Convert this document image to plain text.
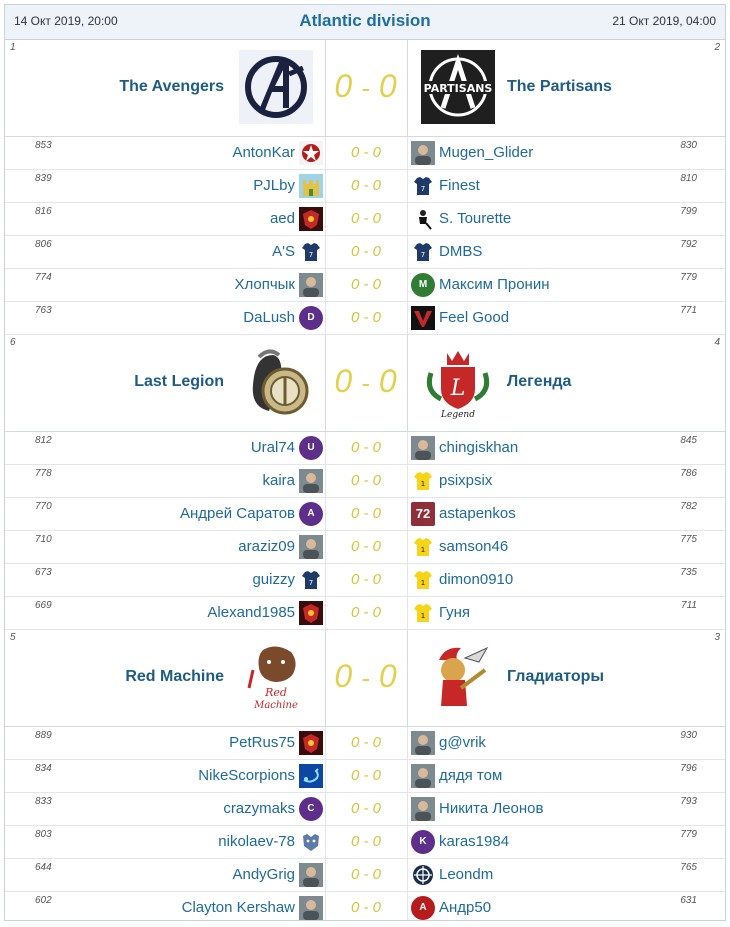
14 Окт 2019, 20:00	Atlantic division	21 Окт 2019, 04:00
1	2
The Avengers	The Partisans
PARTISANS
0 - 0
853	AntonKar	0 - 0	Mugen_Glider	830
839	PJLby	0 - 0	7 Finest	810
816	aed	0 - 0	S. Tourette	799
806	A'S 7	0 - 0	7 DMBS	792
774	Хлопчык	0 - 0	М Максим Пронин	779
763	DaLush	D	0 - 0	Feel Good	771
6	4
Last Legion	Легенда
L
Legend
0 - 0
812	Ural74	U	0 - 0	chingiskhan	845
778	kaira	0 - 0	1 psixpsix	786
770	Андрей Саратов	А	0 - 0	72 astapenkos	782
710	araziz09	0 - 0	1 samson46	775
673	guizzy 7	0 - 0	1 dimon0910	735
669	Alexand1985	0 - 0	1 Гуня	711
5	3
Red Machine	Гладиаторы
Red
Machine
0 - 0
889	PetRus75	0 - 0	g@vrik	930
834	NikeScorpions	0 - 0	дядя том	796
833	crazymaks	C	0 - 0	Никита Леонов	793
803	nikolaev-78	0 - 0	K karas1984	779
644	AndyGrig	0 - 0	Leondm	765
602	Clayton Kershaw	0 - 0	A Андр50	631
